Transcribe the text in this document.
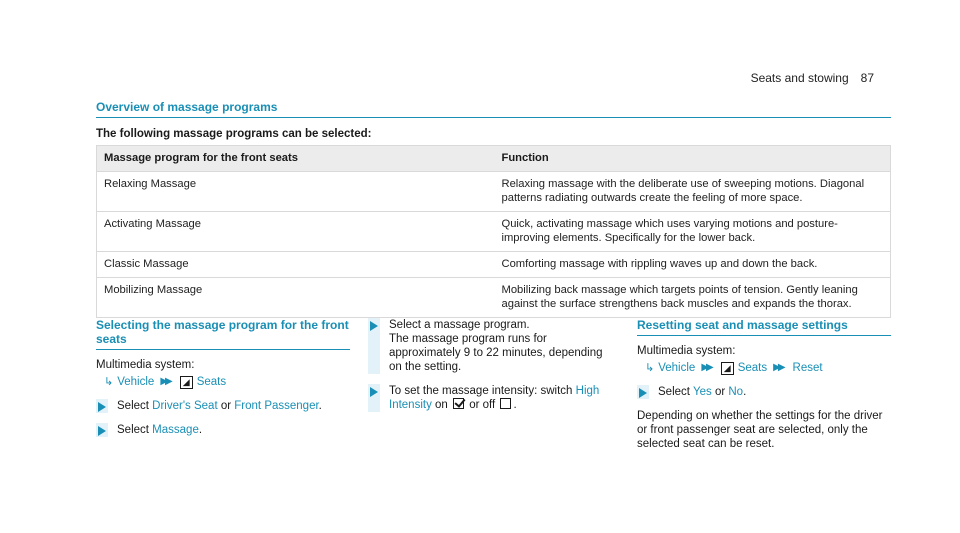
Seats and stowing 87
Overview of massage programs
The following massage programs can be selected:
Massage program for the front seats	Function
Relaxing Massage	Relaxing massage with the deliberate use of sweeping motions. Diagonal patterns radiating outwards create the feeling of more space.
Activating Massage	Quick, activating massage which uses varying motions and posture-improving elements. Specifically for the lower back.
Classic Massage	Comforting massage with rippling waves up and down the back.
Mobilizing Massage	Mobilizing back massage which targets points of tension. Gently leaning against the surface strengthens back muscles and expands the thorax.
Selecting the massage program for the front seats
Multimedia system:
↳ Vehicle ▶▶	◢ Seats
Select Driver's Seat or Front Passenger.
Select Massage.
Select a massage program.
The massage program runs for approximately 9 to 22 minutes, depending on the setting.
To set the massage intensity: switch High Intensity on or off .
Resetting seat and massage settings
Multimedia system:
↳ Vehicle ▶▶	◢ Seats ▶▶ Reset
Select Yes or No.
Depending on whether the settings for the driver or front passenger seat are selected, only the selected seat can be reset.
